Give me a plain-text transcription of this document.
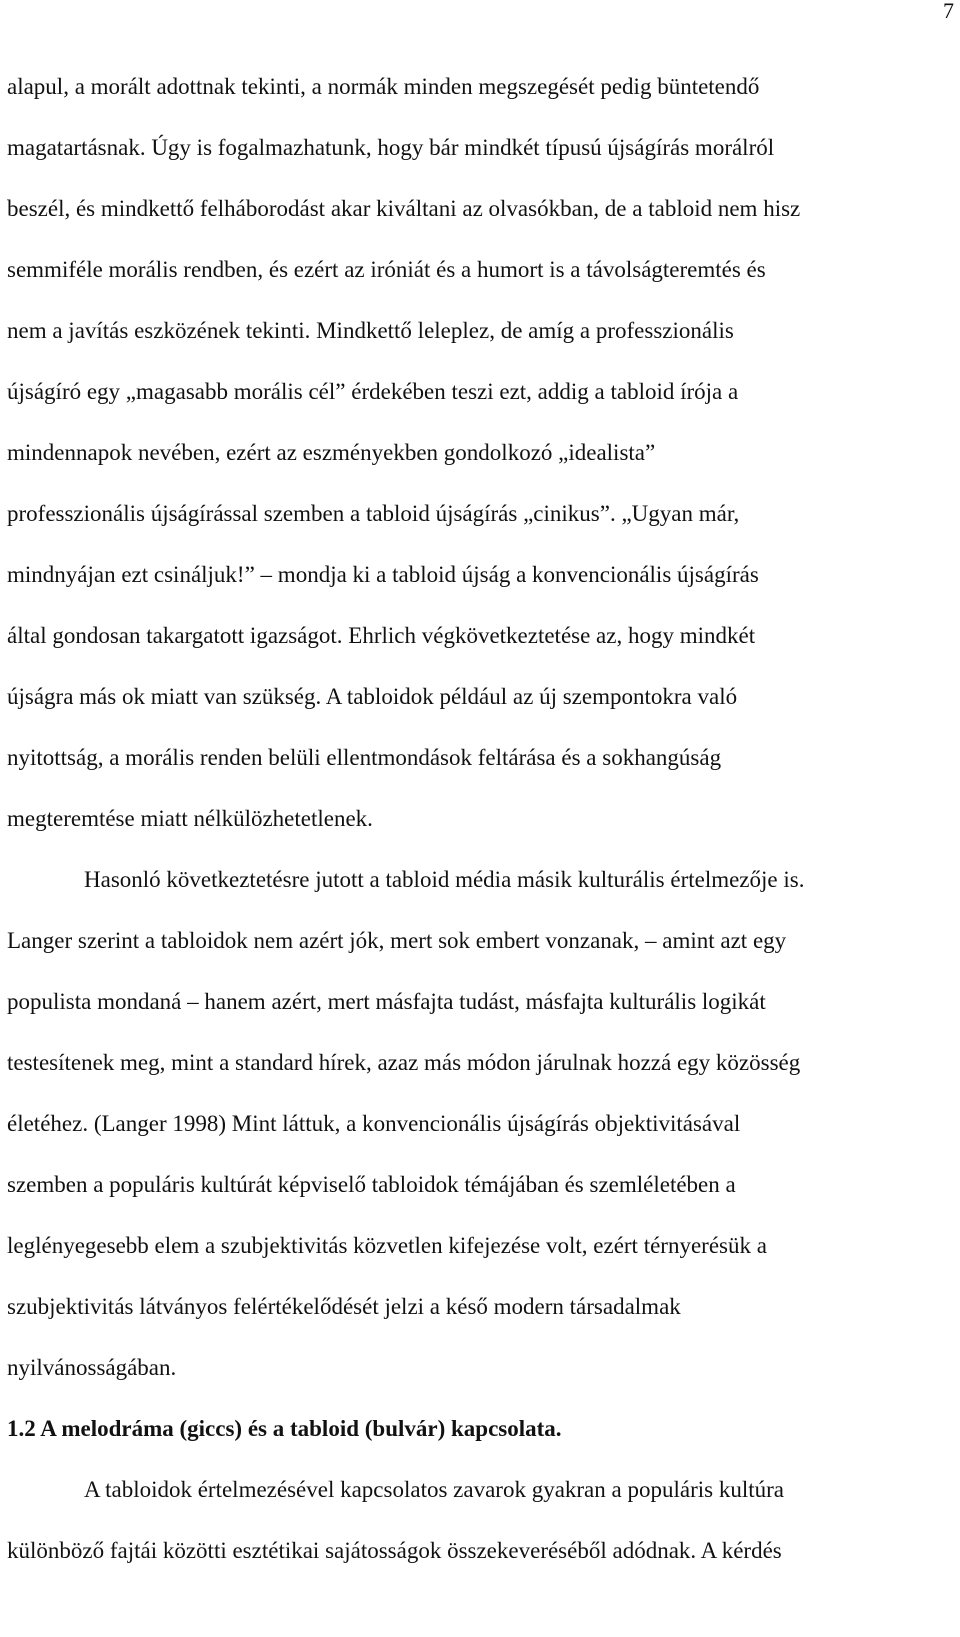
7
alapul, a morált adottnak tekinti, a normák minden megszegését pedig büntetendő
magatartásnak. Úgy is fogalmazhatunk, hogy bár mindkét típusú újságírás morálról
beszél, és mindkettő felháborodást akar kiváltani az olvasókban, de a tabloid nem hisz
semmiféle morális rendben, és ezért az iróniát és a humort is a távolságteremtés és
nem a javítás eszközének tekinti. Mindkettő leleplez, de amíg a professzionális
újságíró egy „magasabb morális cél” érdekében teszi ezt, addig a tabloid írója a
mindennapok nevében, ezért az eszményekben gondolkozó „idealista”
professzionális újságírással szemben a tabloid újságírás „cinikus”. „Ugyan már,
mindnyájan ezt csináljuk!” – mondja ki a tabloid újság a konvencionális újságírás
által gondosan takargatott igazságot. Ehrlich végkövetkeztetése az, hogy mindkét
újságra más ok miatt van szükség. A tabloidok például az új szempontokra való
nyitottság, a morális renden belüli ellentmondások feltárása és a sokhangúság
megteremtése miatt nélkülözhetetlenek.
Hasonló következtetésre jutott a tabloid média másik kulturális értelmezője is.
Langer szerint a tabloidok nem azért jók, mert sok embert vonzanak, – amint azt egy
populista mondaná – hanem azért, mert másfajta tudást, másfajta kulturális logikát
testesítenek meg, mint a standard hírek, azaz más módon járulnak hozzá egy közösség
életéhez. (Langer 1998) Mint láttuk, a konvencionális újságírás objektivitásával
szemben a populáris kultúrát képviselő tabloidok témájában és szemléletében a
leglényegesebb elem a szubjektivitás közvetlen kifejezése volt, ezért térnyerésük a
szubjektivitás látványos felértékelődését jelzi a késő modern társadalmak
nyilvánosságában.
1.2 A melodráma (giccs) és a tabloid (bulvár) kapcsolata.
A tabloidok értelmezésével kapcsolatos zavarok gyakran a populáris kultúra
különböző fajtái közötti esztétikai sajátosságok összekeveréséből adódnak. A kérdés
